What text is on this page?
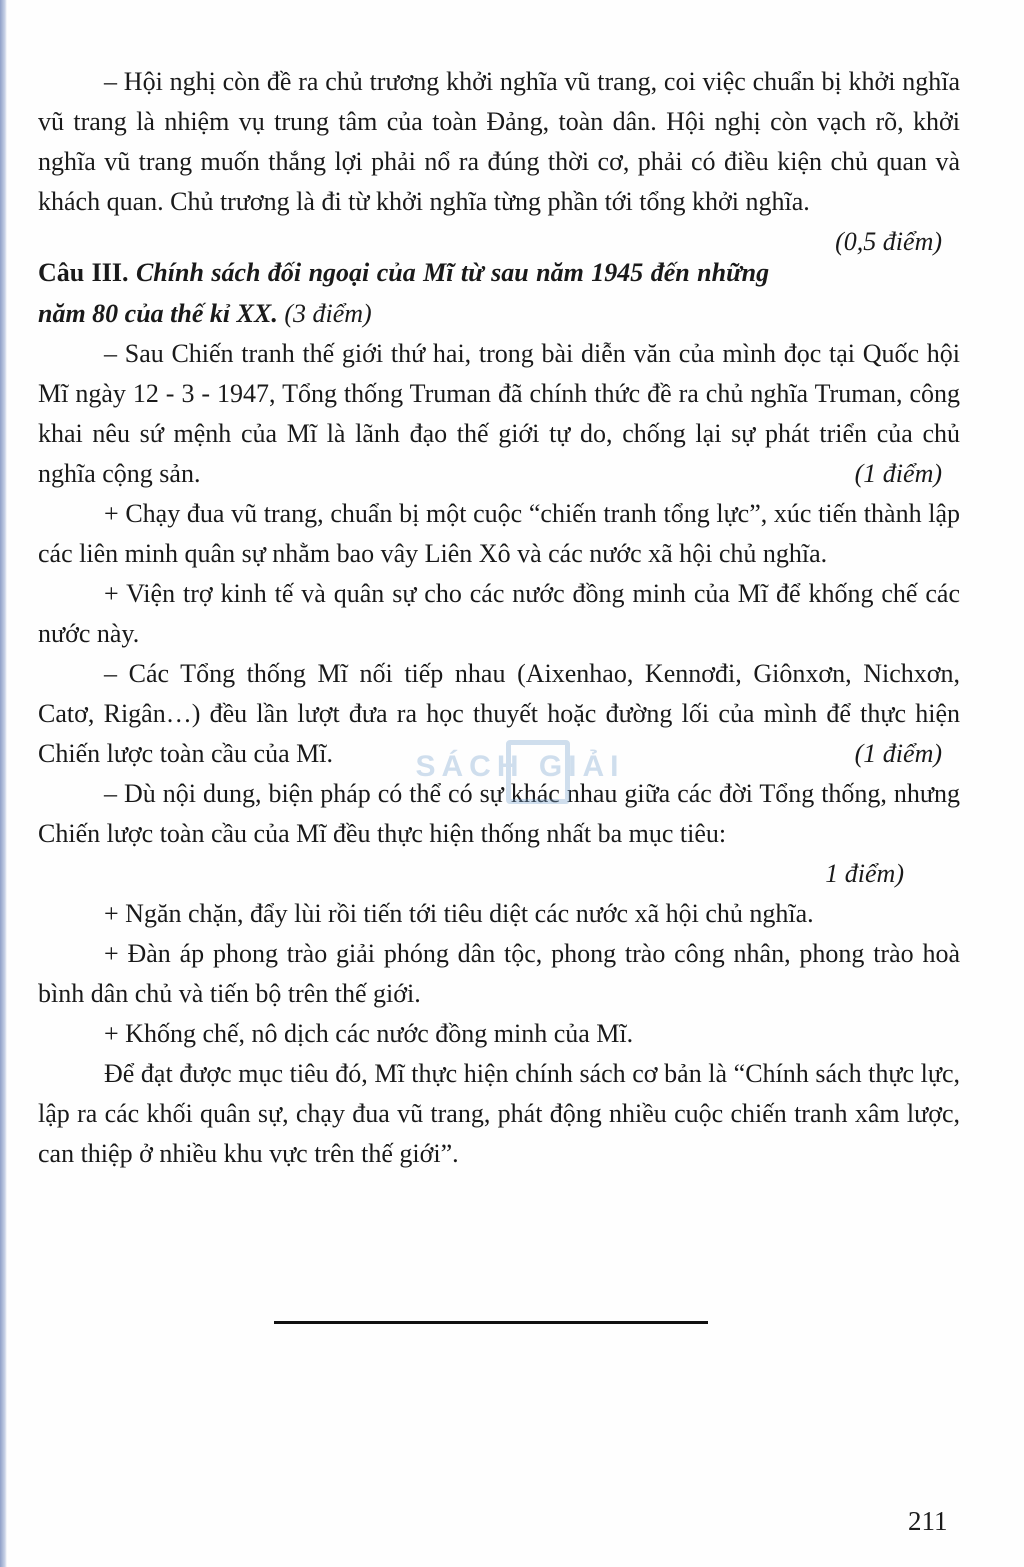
– Hội nghị còn đề ra chủ trương khởi nghĩa vũ trang, coi việc chuẩn bị khởi nghĩa vũ trang là nhiệm vụ trung tâm của toàn Đảng, toàn dân. Hội nghị còn vạch rõ, khởi nghĩa vũ trang muốn thắng lợi phải nổ ra đúng thời cơ, phải có điều kiện chủ quan và khách quan. Chủ trương là đi từ khởi nghĩa từng phần tới tổng khởi nghĩa.
(0,5 điểm)

Câu III. Chính sách đối ngoại của Mĩ từ sau năm 1945 đến những năm 80 của thế kỉ XX. (3 điểm)

– Sau Chiến tranh thế giới thứ hai, trong bài diễn văn của mình đọc tại Quốc hội Mĩ ngày 12 - 3 - 1947, Tổng thống Truman đã chính thức đề ra chủ nghĩa Truman, công khai nêu sứ mệnh của Mĩ là lãnh đạo thế giới tự do, chống lại sự phát triển của chủ nghĩa cộng sản.	(1 điểm)

+ Chạy đua vũ trang, chuẩn bị một cuộc “chiến tranh tổng lực”, xúc tiến thành lập các liên minh quân sự nhằm bao vây Liên Xô và các nước xã hội chủ nghĩa.

+ Viện trợ kinh tế và quân sự cho các nước đồng minh của Mĩ để khống chế các nước này.

– Các Tổng thống Mĩ nối tiếp nhau (Aixenhao, Kennơđi, Giônxơn, Nichxơn, Catơ, Rigân…) đều lần lượt đưa ra học thuyết hoặc đường lối của mình để thực hiện Chiến lược toàn cầu của Mĩ.	(1 điểm)

– Dù nội dung, biện pháp có thể có sự khác nhau giữa các đời Tổng thống, nhưng Chiến lược toàn cầu của Mĩ đều thực hiện thống nhất ba mục tiêu:

1 điểm)

+ Ngăn chặn, đẩy lùi rồi tiến tới tiêu diệt các nước xã hội chủ nghĩa.

+ Đàn áp phong trào giải phóng dân tộc, phong trào công nhân, phong trào hoà bình dân chủ và tiến bộ trên thế giới.

+ Khống chế, nô dịch các nước đồng minh của Mĩ.

Để đạt được mục tiêu đó, Mĩ thực hiện chính sách cơ bản là “Chính sách thực lực, lập ra các khối quân sự, chạy đua vũ trang, phát động nhiều cuộc chiến tranh xâm lược, can thiệp ở nhiều khu vực trên thế giới”.

SÁCH GIẢI
211
